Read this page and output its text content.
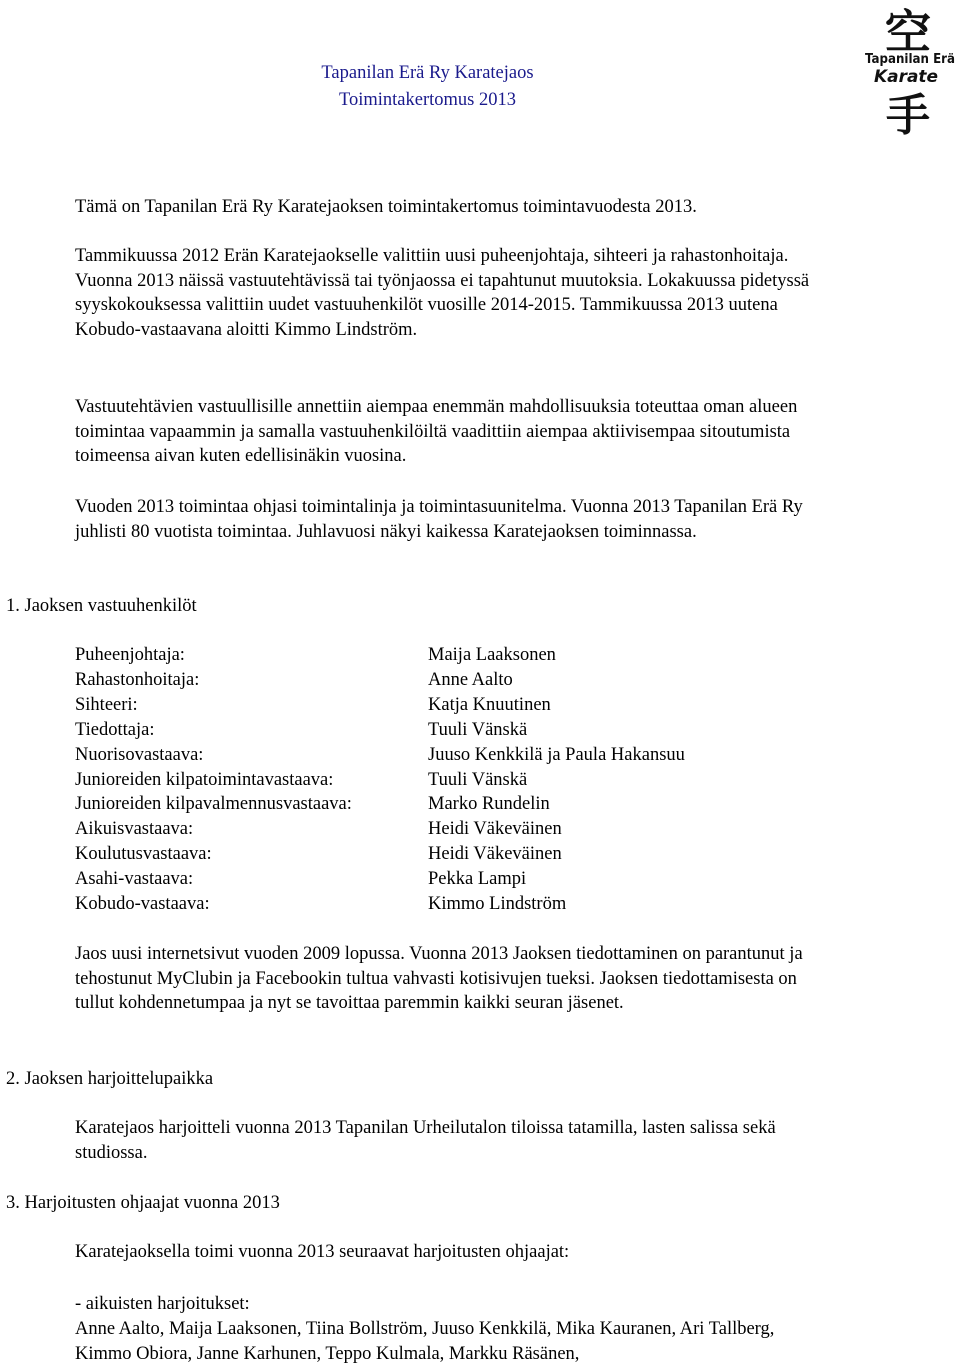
Tapanilan Erä Ry Karatejaos
Toimintakertomus 2013
空
Tapanilan Erä
Karate
手

Tämä on Tapanilan Erä Ry Karatejaoksen toimintakertomus toimintavuodesta 2013.

Tammikuussa 2012 Erän Karatejaokselle valittiin uusi puheenjohtaja, sihteeri ja rahastonhoitaja. Vuonna 2013 näissä vastuutehtävissä tai työnjaossa ei tapahtunut muutoksia. Lokakuussa pidetyssä syyskokouksessa valittiin uudet vastuuhenkilöt vuosille 2014-2015. Tammikuussa 2013 uutena Kobudo-vastaavana aloitti Kimmo Lindström.

Vastuutehtävien vastuullisille annettiin aiempaa enemmän mahdollisuuksia toteuttaa oman alueen toimintaa vapaammin ja samalla vastuuhenkilöiltä vaadittiin aiempaa aktiivisempaa sitoutumista toimeensa aivan kuten edellisinäkin vuosina.

Vuoden 2013 toimintaa ohjasi toimintalinja ja toimintasuunitelma. Vuonna 2013 Tapanilan Erä Ry juhlisti 80 vuotista toimintaa. Juhlavuosi näkyi kaikessa Karatejaoksen toiminnassa.

1. Jaoksen vastuuhenkilöt

Puheenjohtaja:	Maija Laaksonen
Rahastonhoitaja:	Anne Aalto
Sihteeri:	Katja Knuutinen
Tiedottaja:	Tuuli Vänskä
Nuorisovastaava:	Juuso Kenkkilä ja Paula Hakansuu
Junioreiden kilpatoimintavastaava:	Tuuli Vänskä
Junioreiden kilpavalmennusvastaava:	Marko Rundelin
Aikuisvastaava:	Heidi Väkeväinen
Koulutusvastaava:	Heidi Väkeväinen
Asahi-vastaava:	Pekka Lampi
Kobudo-vastaava:	Kimmo Lindström

Jaos uusi internetsivut vuoden 2009 lopussa. Vuonna 2013 Jaoksen tiedottaminen on parantunut ja tehostunut MyClubin ja Facebookin tultua vahvasti kotisivujen tueksi. Jaoksen tiedottamisesta on tullut kohdennetumpaa ja nyt se tavoittaa paremmin kaikki seuran jäsenet.

2. Jaoksen harjoittelupaikka

Karatejaos harjoitteli vuonna 2013 Tapanilan Urheilutalon tiloissa tatamilla, lasten salissa sekä studiossa.

3. Harjoitusten ohjaajat vuonna 2013

Karatejaoksella toimi vuonna 2013 seuraavat harjoitusten ohjaajat:

- aikuisten harjoitukset:

Anne Aalto, Maija Laaksonen, Tiina Bollström, Juuso Kenkkilä, Mika Kauranen, Ari Tallberg, Kimmo Obiora, Janne Karhunen, Teppo Kulmala, Markku Räsänen,
